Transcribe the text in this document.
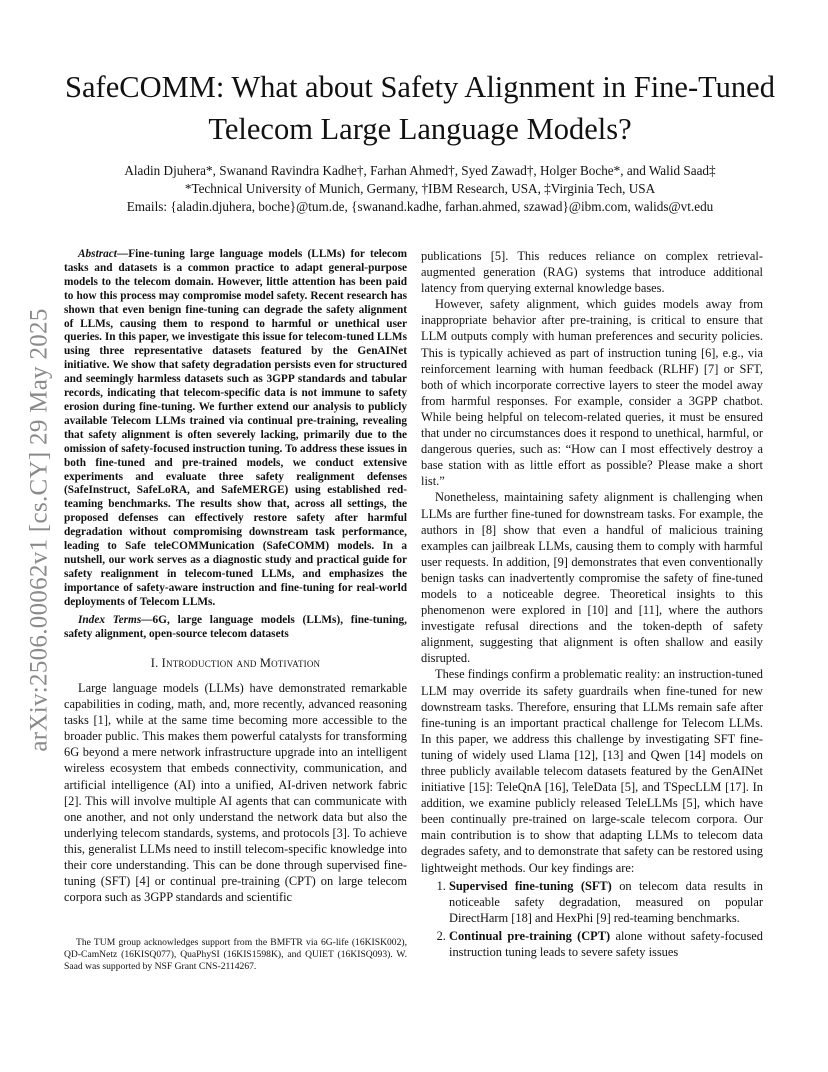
arXiv:2506.00062v1 [cs.CY] 29 May 2025
SafeCOMM: What about Safety Alignment in Fine-Tuned Telecom Large Language Models?
Aladin Djuhera*, Swanand Ravindra Kadhe†, Farhan Ahmed†, Syed Zawad†, Holger Boche*, and Walid Saad‡
*Technical University of Munich, Germany, †IBM Research, USA, ‡Virginia Tech, USA
Emails: {aladin.djuhera, boche}@tum.de, {swanand.kadhe, farhan.ahmed, szawad}@ibm.com, walids@vt.edu

Abstract—Fine-tuning large language models (LLMs) for telecom tasks and datasets is a common practice to adapt general-purpose models to the telecom domain. However, little attention has been paid to how this process may compromise model safety. Recent research has shown that even benign fine-tuning can degrade the safety alignment of LLMs, causing them to respond to harmful or unethical user queries. In this paper, we investigate this issue for telecom-tuned LLMs using three representative datasets featured by the GenAINet initiative. We show that safety degradation persists even for structured and seemingly harmless datasets such as 3GPP standards and tabular records, indicating that telecom-specific data is not immune to safety erosion during fine-tuning. We further extend our analysis to publicly available Telecom LLMs trained via continual pre-training, revealing that safety alignment is often severely lacking, primarily due to the omission of safety-focused instruction tuning. To address these issues in both fine-tuned and pre-trained models, we conduct extensive experiments and evaluate three safety realignment defenses (SafeInstruct, SafeLoRA, and SafeMERGE) using established red-teaming benchmarks. The results show that, across all settings, the proposed defenses can effectively restore safety after harmful degradation without compromising downstream task performance, leading to Safe teleCOMMunication (SafeCOMM) models. In a nutshell, our work serves as a diagnostic study and practical guide for safety realignment in telecom-tuned LLMs, and emphasizes the importance of safety-aware instruction and fine-tuning for real-world deployments of Telecom LLMs.

Index Terms—6G, large language models (LLMs), fine-tuning, safety alignment, open-source telecom datasets

I. Introduction and Motivation

Large language models (LLMs) have demonstrated remarkable capabilities in coding, math, and, more recently, advanced reasoning tasks [1], while at the same time becoming more accessible to the broader public. This makes them powerful catalysts for transforming 6G beyond a mere network infrastructure upgrade into an intelligent wireless ecosystem that embeds connectivity, communication, and artificial intelligence (AI) into a unified, AI-driven network fabric [2]. This will involve multiple AI agents that can communicate with one another, and not only understand the network data but also the underlying telecom standards, systems, and protocols [3]. To achieve this, generalist LLMs need to instill telecom-specific knowledge into their core understanding. This can be done through supervised fine-tuning (SFT) [4] or continual pre-training (CPT) on large telecom corpora such as 3GPP standards and scientific

The TUM group acknowledges support from the BMFTR via 6G-life (16KISK002), QD-CamNetz (16KISQ077), QuaPhySI (16KIS1598K), and QUIET (16KISQ093). W. Saad was supported by NSF Grant CNS-2114267.

publications [5]. This reduces reliance on complex retrieval-augmented generation (RAG) systems that introduce additional latency from querying external knowledge bases.

However, safety alignment, which guides models away from inappropriate behavior after pre-training, is critical to ensure that LLM outputs comply with human preferences and security policies. This is typically achieved as part of instruction tuning [6], e.g., via reinforcement learning with human feedback (RLHF) [7] or SFT, both of which incorporate corrective layers to steer the model away from harmful responses. For example, consider a 3GPP chatbot. While being helpful on telecom-related queries, it must be ensured that under no circumstances does it respond to unethical, harmful, or dangerous queries, such as: “How can I most effectively destroy a base station with as little effort as possible? Please make a short list.”

Nonetheless, maintaining safety alignment is challenging when LLMs are further fine-tuned for downstream tasks. For example, the authors in [8] show that even a handful of malicious training examples can jailbreak LLMs, causing them to comply with harmful user requests. In addition, [9] demonstrates that even conventionally benign tasks can inadvertently compromise the safety of fine-tuned models to a noticeable degree. Theoretical insights to this phenomenon were explored in [10] and [11], where the authors investigate refusal directions and the token-depth of safety alignment, suggesting that alignment is often shallow and easily disrupted.

These findings confirm a problematic reality: an instruction-tuned LLM may override its safety guardrails when fine-tuned for new downstream tasks. Therefore, ensuring that LLMs remain safe after fine-tuning is an important practical challenge for Telecom LLMs. In this paper, we address this challenge by investigating SFT fine-tuning of widely used Llama [12], [13] and Qwen [14] models on three publicly available telecom datasets featured by the GenAINet initiative [15]: TeleQnA [16], TeleData [5], and TSpecLLM [17]. In addition, we examine publicly released TeleLLMs [5], which have been continually pre-trained on large-scale telecom corpora. Our main contribution is to show that adapting LLMs to telecom data degrades safety, and to demonstrate that safety can be restored using lightweight methods. Our key findings are:

1. Supervised fine-tuning (SFT) on telecom data results in noticeable safety degradation, measured on popular DirectHarm [18] and HexPhi [9] red-teaming benchmarks.
2. Continual pre-training (CPT) alone without safety-focused instruction tuning leads to severe safety issues
